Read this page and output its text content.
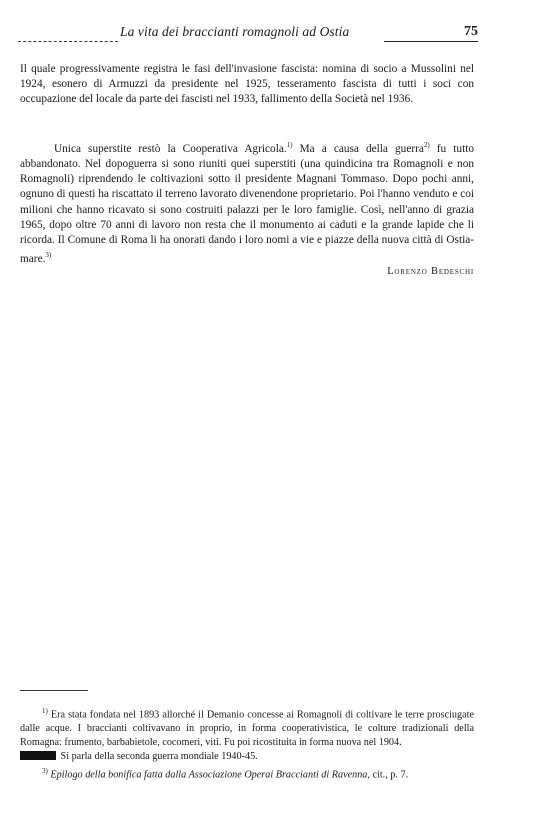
La vita dei braccianti romagnoli ad Ostia	75

Il quale progressivamente registra le fasi dell'invasione fascista: nomina di socio a Mussolini nel 1924, esonero di Armuzzi da presidente nel 1925, tesseramento fascista di tutti i soci con occupazione del locale da parte dei fascisti nel 1933, fallimento della Società nel 1936.

Unica superstite restò la Cooperativa Agricola.$^{1)}$ Ma a causa della guerra$^{2)}$ fu tutto abbandonato. Nel dopoguerra si sono riuniti quei superstiti (una quindicina tra Romagnoli e non Romagnoli) riprendendo le coltivazioni sotto il presidente Magnani Tommaso. Dopo pochi anni, ognuno di questi ha riscattato il terreno lavorato divenendone proprietario. Poi l'hanno venduto e coi milioni che hanno ricavato si sono costruiti palazzi per le loro famiglie. Così, nell'anno di grazia 1965, dopo oltre 70 anni di lavoro non resta che il monumento ai caduti e la grande lapide che li ricorda. Il Comune di Roma li ha onorati dando i loro nomi a vie e piazze della nuova città di Ostia-mare.$^{3)}$

Lorenzo Bedeschi

$^{1)}$ Era stata fondata nel 1893 allorché il Demanio concesse ai Romagnoli di coltivare le terre prosciugate dalle acque. I braccianti coltivavano in proprio, in forma cooperativistica, le colture tradizionali della Romagna: frumento, barbabietole, cocomeri, viti. Fu poi ricostituita in forma nuova nel 1904.

Si parla della seconda guerra mondiale 1940-45.

$^{3)}$ Epilogo della bonifica fatta dalla Associazione Operai Braccianti di Ravenna, cit., p. 7.
